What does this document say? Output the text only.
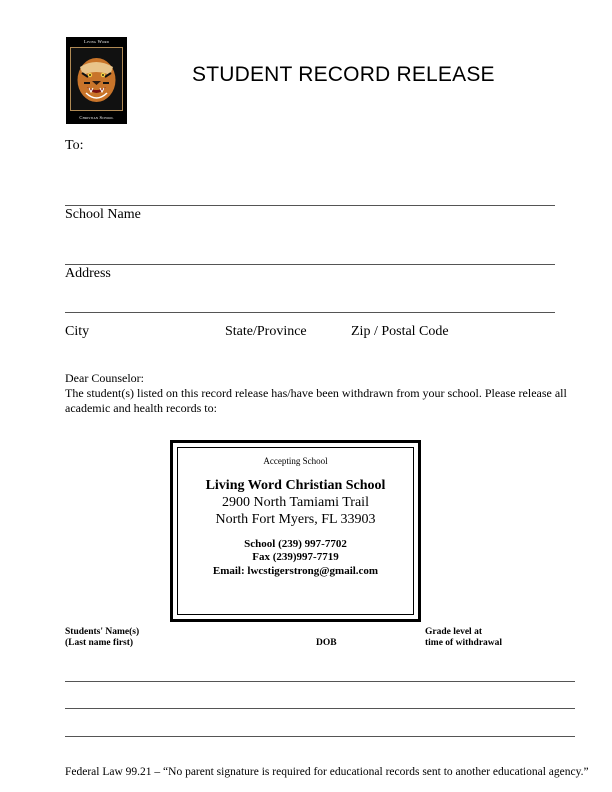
Living Word
Christian School
STUDENT RECORD RELEASE
To:
School Name
Address
City	State/Province	Zip / Postal Code
Dear Counselor:
The student(s) listed on this record release has/have been withdrawn from your school. Please release all
academic and health records to:
Accepting School
Living Word Christian School
2900 North Tamiami Trail
North Fort Myers, FL 33903
School (239) 997-7702
Fax (239)997-7719
Email: lwcstigerstrong@gmail.com
Students' Name(s)
(Last name first)	DOB
Grade level at
time of withdrawal
Federal Law 99.21 – “No parent signature is required for educational records sent to another educational agency.”
